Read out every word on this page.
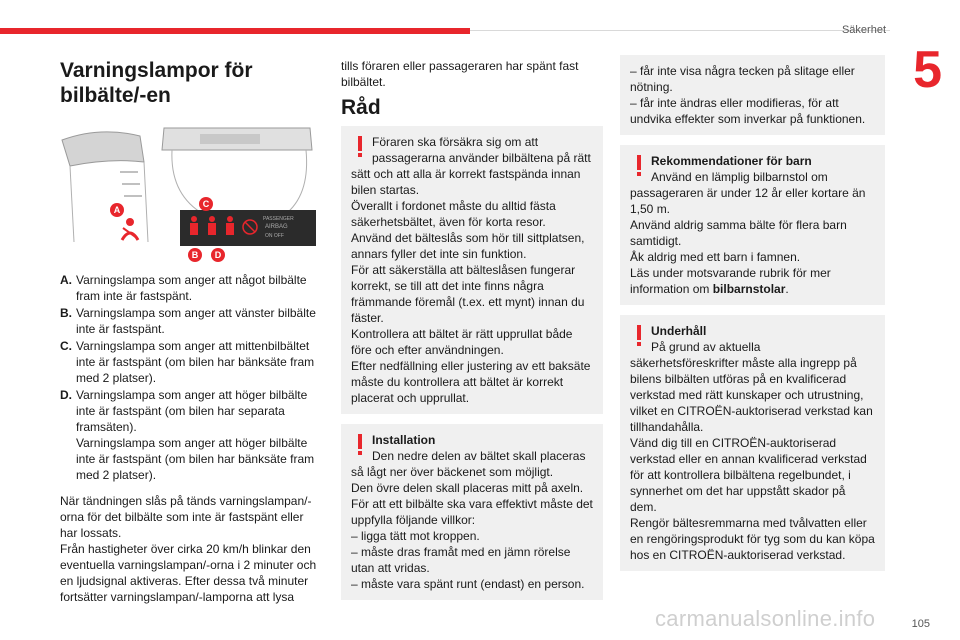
Säkerhet
5
Varningslampor för
bilbälte/-en
PASSENGER
AIRBAG
ON OFF
A
B
C
D
A. Varningslampa som anger att något bilbälte
fram inte är fastspänt.
B. Varningslampa som anger att vänster bilbälte
inte är fastspänt.
C. Varningslampa som anger att mittenbilbältet
inte är fastspänt (om bilen har bänksäte fram
med 2 platser).
D. Varningslampa som anger att höger bilbälte
inte är fastspänt (om bilen har separata
framsäten).
Varningslampa som anger att höger bilbälte
inte är fastspänt (om bilen har bänksäte fram
med 2 platser).

När tändningen slås på tänds varningslampan/-
orna för det bilbälte som inte är fastspänt eller
har lossats.
Från hastigheter över cirka 20 km/h blinkar den
eventuella varningslampan/-orna i 2 minuter och
en ljudsignal aktiveras. Efter dessa två minuter
fortsätter varningslampan/-lamporna att lysa

tills föraren eller passageraren har spänt fast
bilbältet.

Råd
Föraren ska försäkra sig om att
passagerarna använder bilbältena på rätt
sätt och att alla är korrekt fastspända innan
bilen startas.
Överallt i fordonet måste du alltid fästa
säkerhetsbältet, även för korta resor.
Använd det bälteslås som hör till sittplatsen,
annars fyller det inte sin funktion.
För att säkerställa att bälteslåsen fungerar
korrekt, se till att det inte finns några
främmande föremål (t.ex. ett mynt) innan du
fäster.
Kontrollera att bältet är rätt upprullat både
före och efter användningen.
Efter nedfällning eller justering av ett baksäte
måste du kontrollera att bältet är korrekt
placerat och upprullat.
Installation
Den nedre delen av bältet skall placeras
så lågt ner över bäckenet som möjligt.
Den övre delen skall placeras mitt på axeln.
För att ett bilbälte ska vara effektivt måste det
uppfylla följande villkor:
– ligga tätt mot kroppen.
– måste dras framåt med en jämn rörelse
utan att vridas.
– måste vara spänt runt (endast) en person.
– får inte visa några tecken på slitage eller
nötning.
– får inte ändras eller modifieras, för att
undvika effekter som inverkar på funktionen.
Rekommendationer för barn
Använd en lämplig bilbarnstol om
passageraren är under 12 år eller kortare än
1,50 m.
Använd aldrig samma bälte för flera barn
samtidigt.
Åk aldrig med ett barn i famnen.
Läs under motsvarande rubrik för mer
information om bilbarnstolar.
Underhåll
På grund av aktuella
säkerhetsföreskrifter måste alla ingrepp på
bilens bilbälten utföras på en kvalificerad
verkstad med rätt kunskaper och utrustning,
vilket en CITROËN-auktoriserad verkstad kan
tillhandahålla.
Vänd dig till en CITROËN-auktoriserad
verkstad eller en annan kvalificerad verkstad
för att kontrollera bilbältena regelbundet, i
synnerhet om det har uppstått skador på
dem.
Rengör bältesremmarna med tvålvatten eller
en rengöringsprodukt för tyg som du kan köpa
hos en CITROËN-auktoriserad verkstad.
carmanualsonline.info	105
